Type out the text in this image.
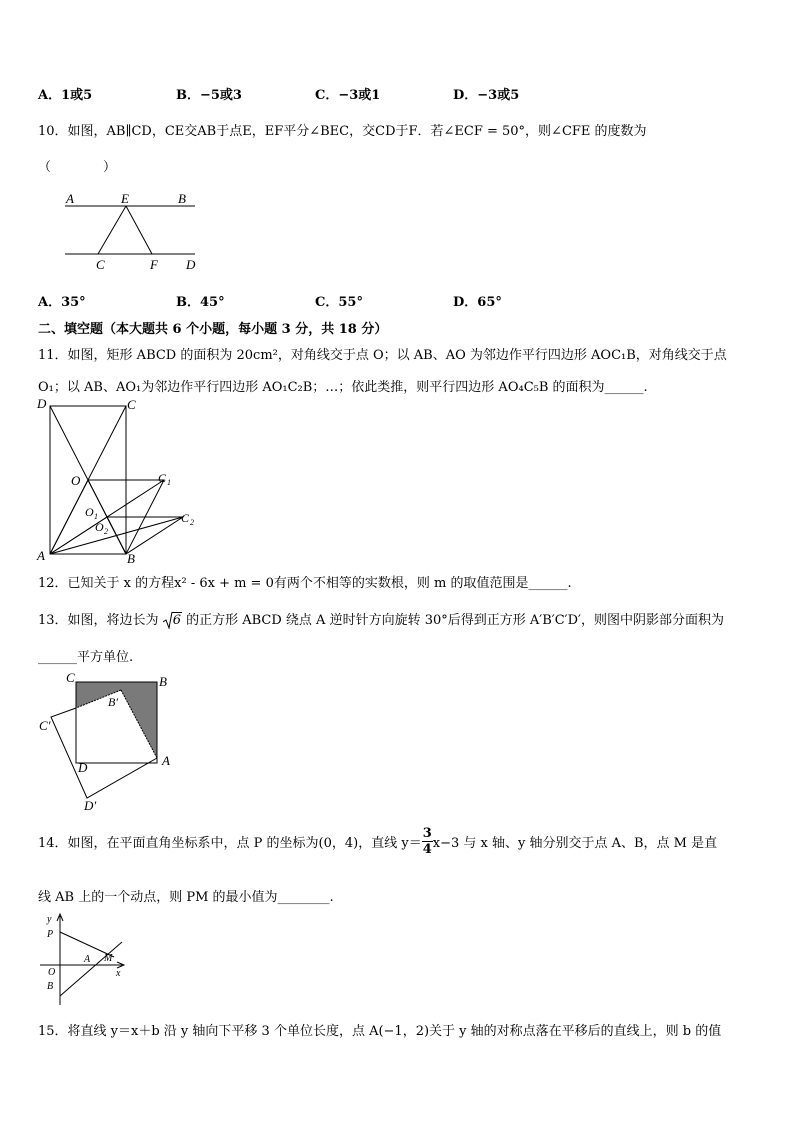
A．1或5	B．−5或3	C．−3或1	D．−3或5
10．如图，AB∥CD，CE交AB于点E，EF平分∠BEC，交CD于F．若∠ECF = 50°，则∠CFE 的度数为
（　　　　）
A	E	B
C	F D
A．35°	B．45°	C．55°	D．65°
二、填空题（本大题共 6 个小题，每小题 3 分，共 18 分）
11．如图，矩形 ABCD 的面积为 20cm²，对角线交于点 O；以 AB、AO 为邻边作平行四边形 AOC₁B，对角线交于点
O₁；以 AB、AO₁为邻边作平行四边形 AO₁C₂B；…；依此类推，则平行四边形 AO₄C₅B 的面积为______.
D	C
O	C 1
O 1
O 2
C 2
A	B
12．已知关于 x 的方程x² - 6x + m = 0有两个不相等的实数根，则 m 的取值范围是______.
13．如图，将边长为 6 的正方形 ABCD 绕点 A 逆时针方向旋转 30°后得到正方形 A′B′C′D′，则图中阴影部分面积为
______平方单位.
C	B
B′
C′
D	A
D′
14．如图，在平面直角坐标系中，点 P 的坐标为(0，4)，直线 $y= \frac{3}{4} x-3$ 与 x 轴、y 轴分别交于点 A、B，点 M 是直
线 AB 上的一个动点，则 PM 的最小值为________.
y
P
A M
x
O
B
15．将直线 y＝x＋b 沿 y 轴向下平移 3 个单位长度，点 A(−1，2)关于 y 轴的对称点落在平移后的直线上，则 b 的值
